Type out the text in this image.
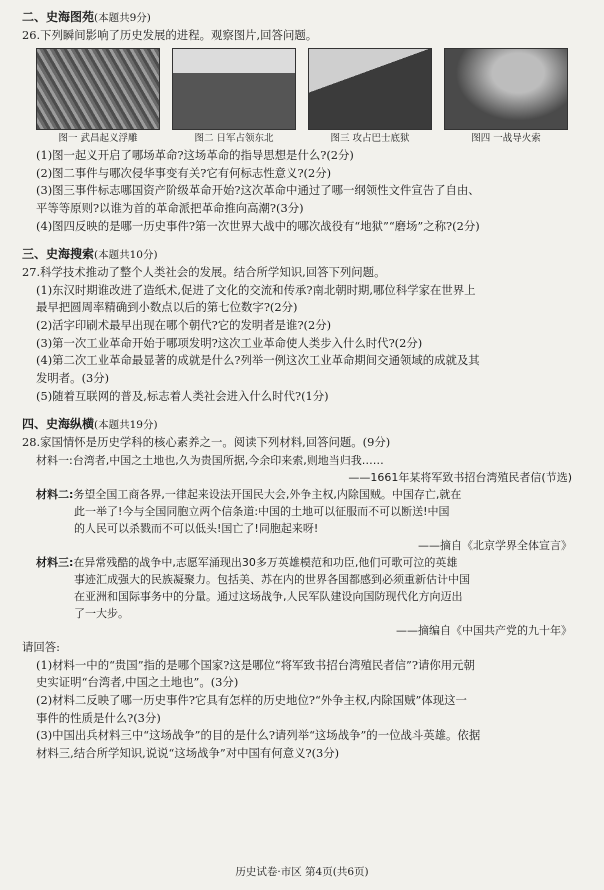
二、史海图苑(本题共9分)

26.下列瞬间影响了历史发展的进程。观察图片,回答问题。

图一 武昌起义浮雕	图二 日军占领东北	图三 攻占巴士底狱	图四 一战导火索

(1)图一起义开启了哪场革命?这场革命的指导思想是什么?(2分)

(2)图二事件与哪次侵华事变有关?它有何标志性意义?(2分)

(3)图三事件标志哪国资产阶级革命开始?这次革命中通过了哪一纲领性文件宣告了自由、

平等等原则?以谁为首的革命派把革命推向高潮?(3分)

(4)图四反映的是哪一历史事件?第一次世界大战中的哪次战役有“地狱”“磨场”之称?(2分)

三、史海搜索(本题共10分)

27.科学技术推动了整个人类社会的发展。结合所学知识,回答下列问题。

(1)东汉时期谁改进了造纸术,促进了文化的交流和传承?南北朝时期,哪位科学家在世界上

最早把圆周率精确到小数点以后的第七位数字?(2分)

(2)活字印刷术最早出现在哪个朝代?它的发明者是谁?(2分)

(3)第一次工业革命开始于哪项发明?这次工业革命使人类步入什么时代?(2分)

(4)第二次工业革命最显著的成就是什么?列举一例这次工业革命期间交通领域的成就及其

发明者。(3分)

(5)随着互联网的普及,标志着人类社会进入什么时代?(1分)

四、史海纵横(本题共19分)

28.家国情怀是历史学科的核心素养之一。阅读下列材料,回答问题。(9分)

材料一:台湾者,中国之土地也,久为贵国所据,今余印来索,则地当归我……

——1661年某将军致书招台湾殖民者信(节选)

材料二:务望全国工商各界,一律起来设法开国民大会,外争主权,内除国贼。中国存亡,就在

此一举了!今与全国同胞立两个信条道:中国的土地可以征服而不可以断送!中国

的人民可以杀戮而不可以低头!国亡了!同胞起来呀!

——摘自《北京学界全体宣言》

材料三:在异常残酷的战争中,志愿军涌现出30多万英雄模范和功臣,他们可歌可泣的英雄

事迹汇成强大的民族凝聚力。包括美、苏在内的世界各国都感到必须重新估计中国

在亚洲和国际事务中的分量。通过这场战争,人民军队建设向国防现代化方向迈出

了一大步。

——摘编自《中国共产党的九十年》

请回答:

(1)材料一中的“贵国”指的是哪个国家?这是哪位“将军致书招台湾殖民者信”?请你用元朝

史实证明“台湾者,中国之土地也”。(3分)

(2)材料二反映了哪一历史事件?它具有怎样的历史地位?“外争主权,内除国贼”体现这一

事件的性质是什么?(3分)

(3)中国出兵材料三中“这场战争”的目的是什么?请列举“这场战争”的一位战斗英雄。依据

材料三,结合所学知识,说说“这场战争”对中国有何意义?(3分)

历史试卷·市区 第4页(共6页)
